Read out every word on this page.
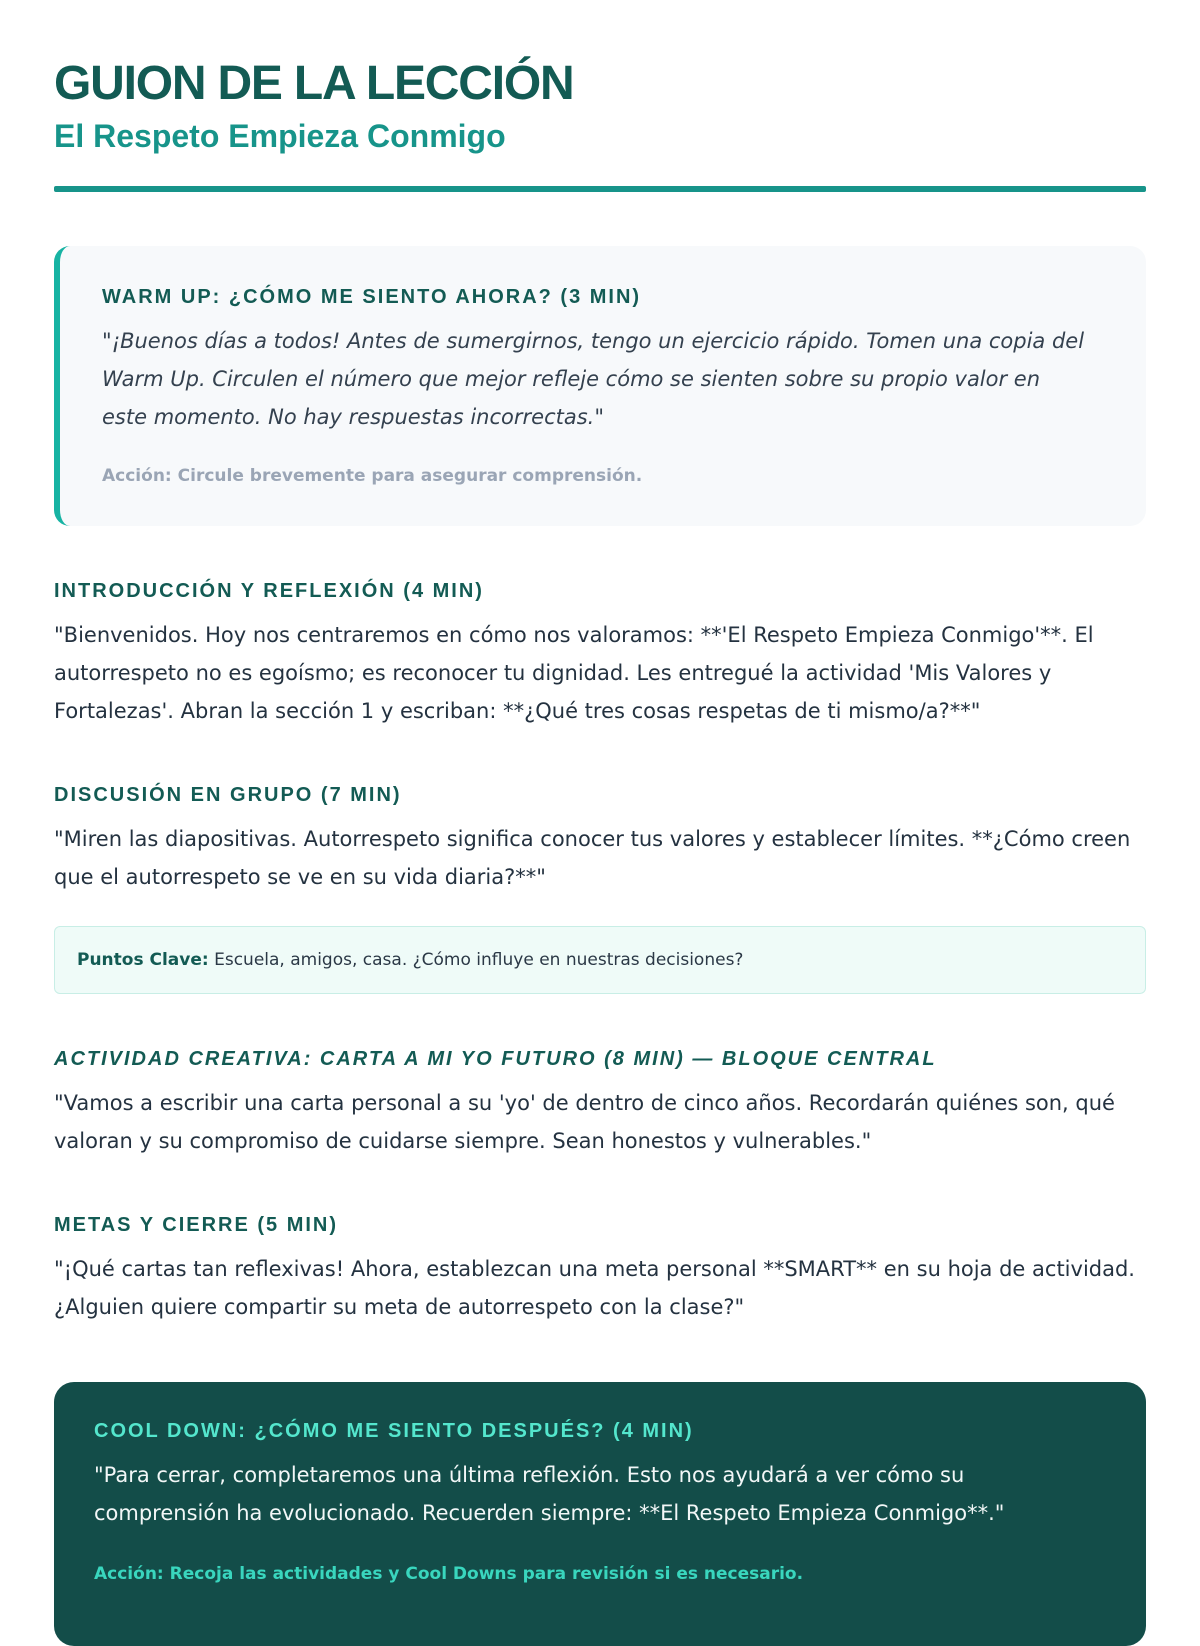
GUION DE LA LECCIÓN
El Respeto Empieza Conmigo
WARM UP: ¿CÓMO ME SIENTO AHORA? (3 MIN)

"¡Buenos días a todos! Antes de sumergirnos, tengo un ejercicio rápido. Tomen una copia del Warm Up. Circulen el número que mejor refleje cómo se sienten sobre su propio valor en este momento. No hay respuestas incorrectas."

Acción: Circule brevemente para asegurar comprensión.

INTRODUCCIÓN Y REFLEXIÓN (4 MIN)

"Bienvenidos. Hoy nos centraremos en cómo nos valoramos: **'El Respeto Empieza Conmigo'**. El autorrespeto no es egoísmo; es reconocer tu dignidad. Les entregué la actividad 'Mis Valores y Fortalezas'. Abran la sección 1 y escriban: **¿Qué tres cosas respetas de ti mismo/a?**"

DISCUSIÓN EN GRUPO (7 MIN)

"Miren las diapositivas. Autorrespeto significa conocer tus valores y establecer límites. **¿Cómo creen que el autorrespeto se ve en su vida diaria?**"

Puntos Clave: Escuela, amigos, casa. ¿Cómo influye en nuestras decisiones?
ACTIVIDAD CREATIVA: CARTA A MI YO FUTURO (8 MIN) — BLOQUE CENTRAL

"Vamos a escribir una carta personal a su 'yo' de dentro de cinco años. Recordarán quiénes son, qué valoran y su compromiso de cuidarse siempre. Sean honestos y vulnerables."

METAS Y CIERRE (5 MIN)

"¡Qué cartas tan reflexivas! Ahora, establezcan una meta personal **SMART** en su hoja de actividad. ¿Alguien quiere compartir su meta de autorrespeto con la clase?"

COOL DOWN: ¿CÓMO ME SIENTO DESPUÉS? (4 MIN)

"Para cerrar, completaremos una última reflexión. Esto nos ayudará a ver cómo su comprensión ha evolucionado. Recuerden siempre: **El Respeto Empieza Conmigo**."

Acción: Recoja las actividades y Cool Downs para revisión si es necesario.
